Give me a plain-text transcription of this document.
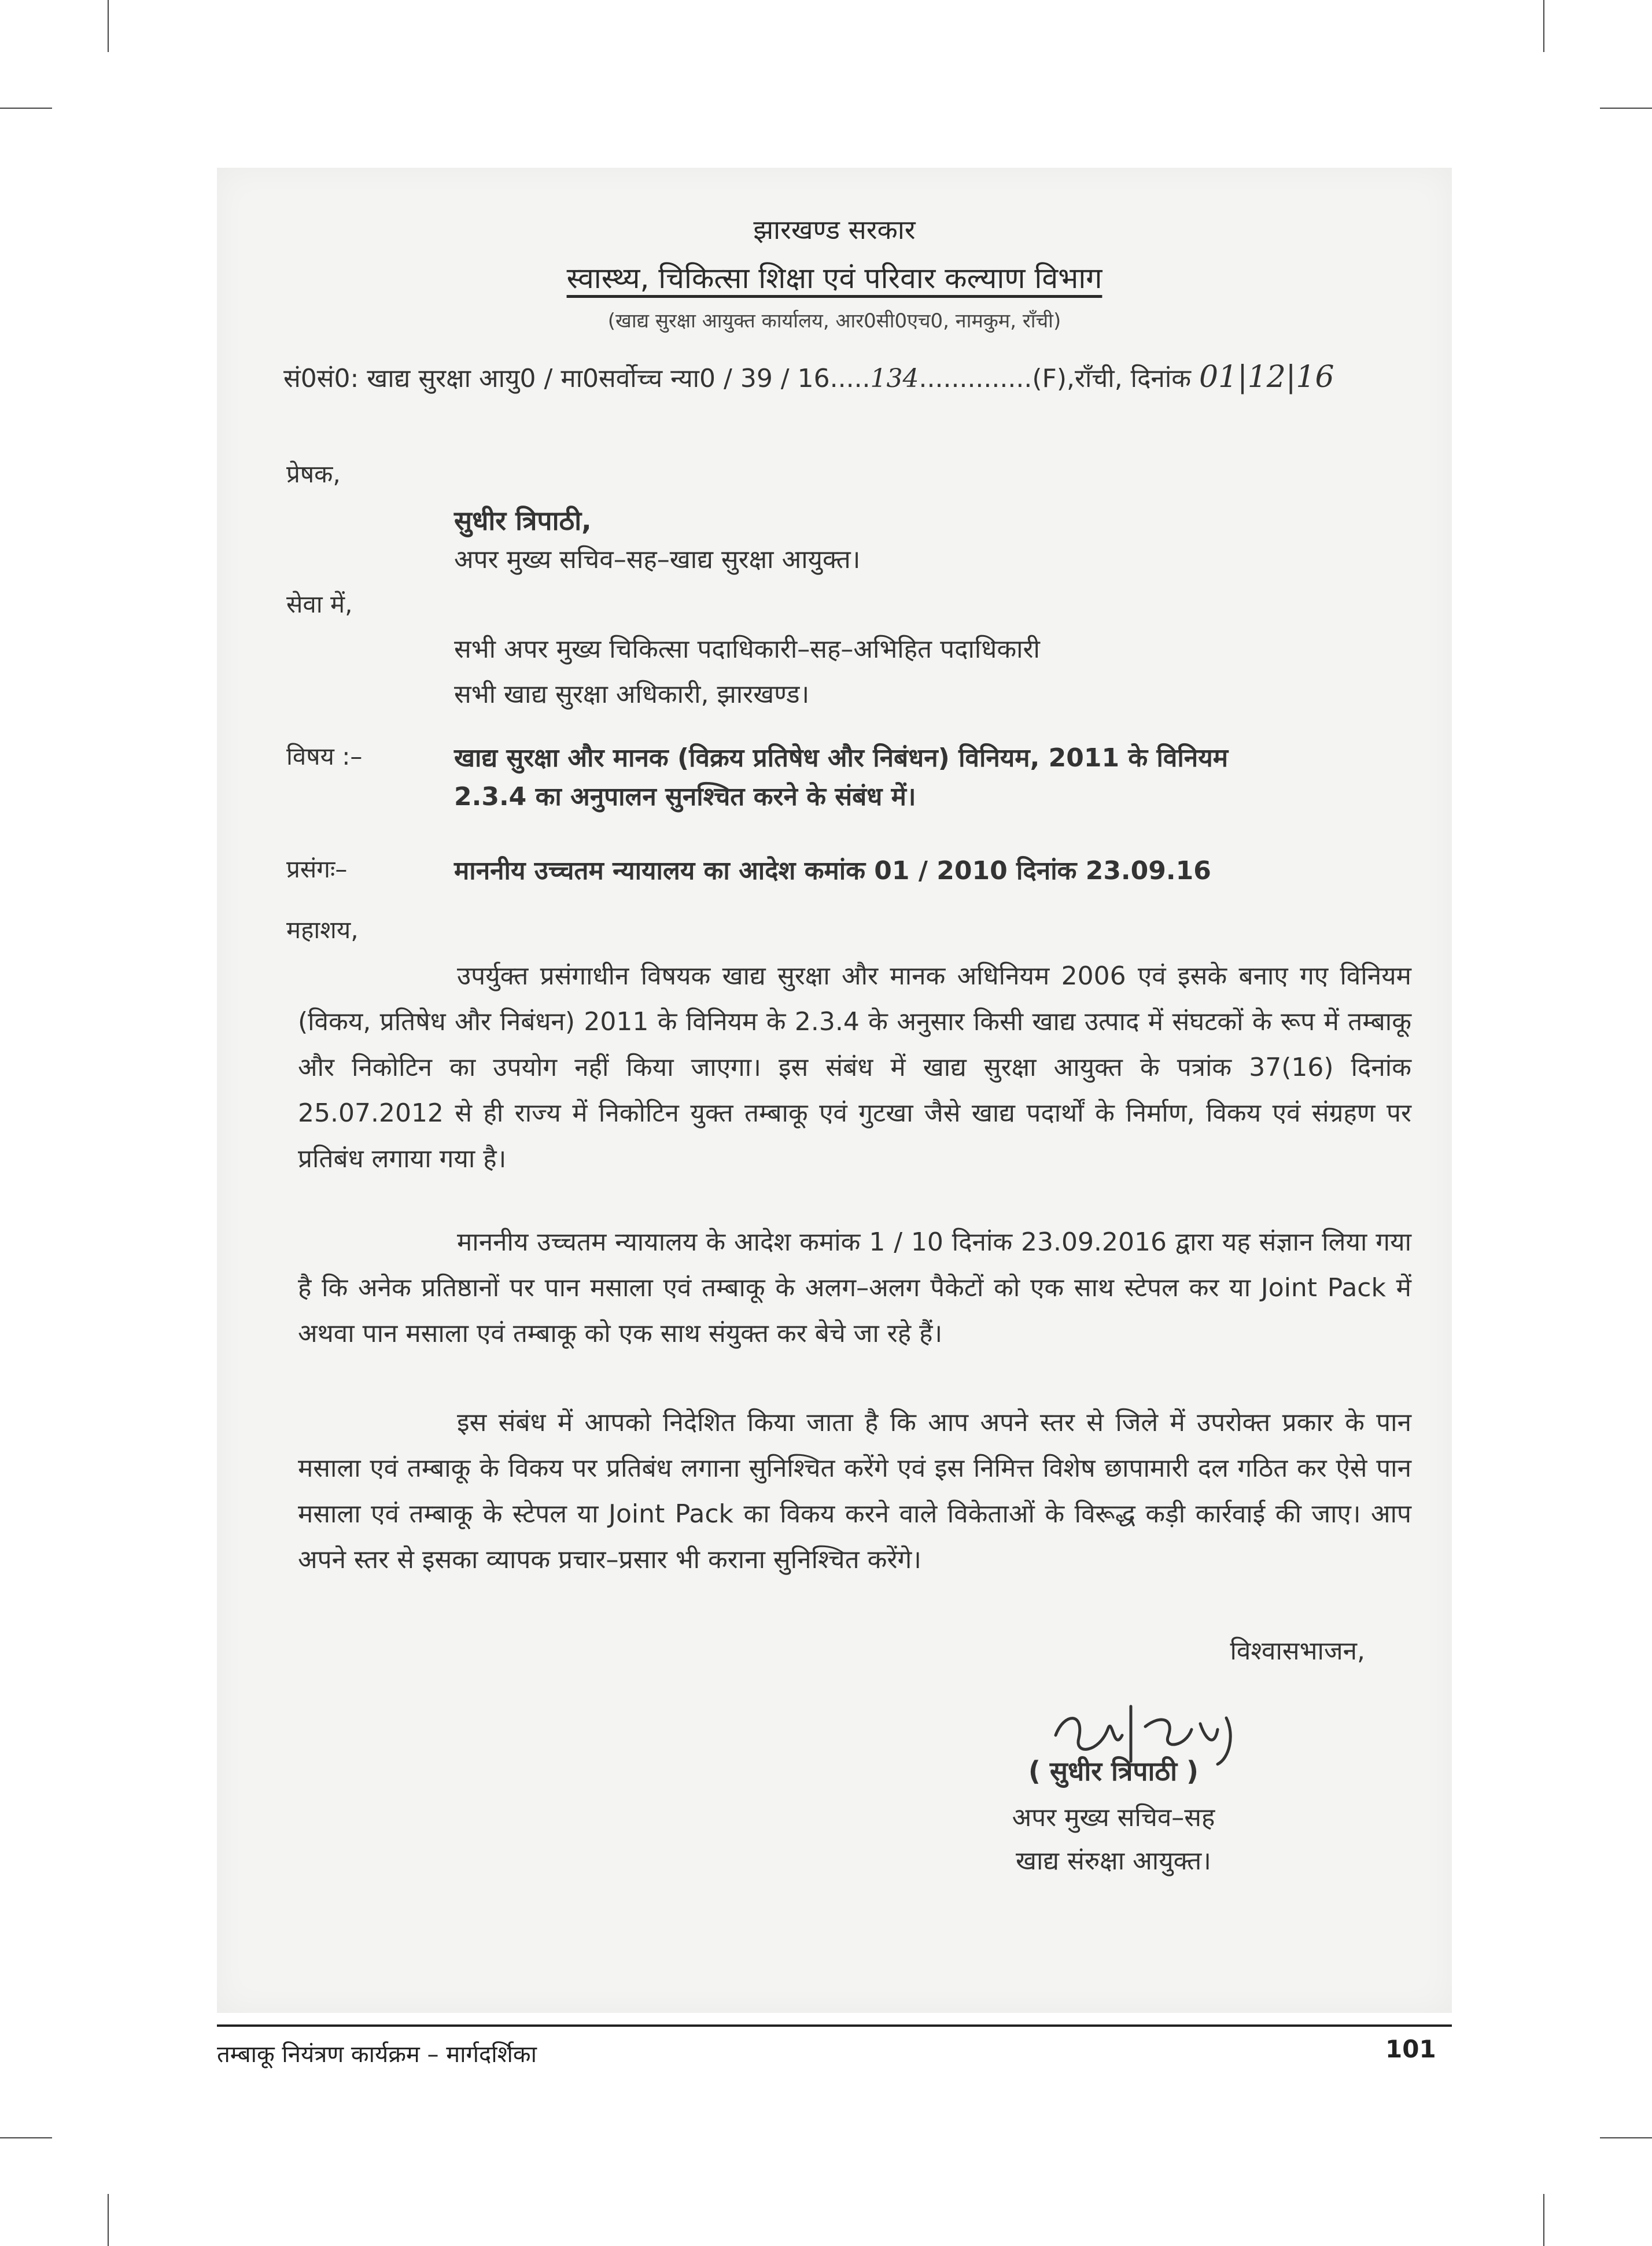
झारखण्ड सरकार
स्वास्थ्य, चिकित्सा शिक्षा एवं परिवार कल्याण विभाग
(खाद्य सुरक्षा आयुक्त कार्यालय, आर0सी0एच0, नामकुम, राँची)
सं0सं0: खाद्य सुरक्षा आयु0 / मा0सर्वोच्च न्या0 / 39 / 16.....134..............(F),राँची, दिनांक 01|12|16
प्रेषक,
सुधीर त्रिपाठी,
अपर मुख्य सचिव–सह–खाद्य सुरक्षा आयुक्त।
सेवा में,
सभी अपर मुख्य चिकित्सा पदाधिकारी–सह–अभिहित पदाधिकारी
सभी खाद्य सुरक्षा अधिकारी, झारखण्ड।
विषय :–	खाद्य सुरक्षा और मानक (विक्रय प्रतिषेध और निबंधन) विनियम, 2011 के विनियम
2.3.4 का अनुपालन सुनश्चित करने के संबंध में।
प्रसंगः–	माननीय उच्चतम न्यायालय का आदेश कमांक 01 / 2010 दिनांक 23.09.16
महाशय,
उपर्युक्त प्रसंगाधीन विषयक खाद्य सुरक्षा और मानक अधिनियम 2006 एवं इसके बनाए गए विनियम (विकय, प्रतिषेध और निबंधन) 2011 के विनियम के 2.3.4 के अनुसार किसी खाद्य उत्पाद में संघटकों के रूप में तम्बाकू और निकोटिन का उपयोग नहीं किया जाएगा। इस संबंध में खाद्य सुरक्षा आयुक्त के पत्रांक 37(16) दिनांक 25.07.2012 से ही राज्य में निकोटिन युक्त तम्बाकू एवं गुटखा जैसे खाद्य पदार्थों के निर्माण, विकय एवं संग्रहण पर प्रतिबंध लगाया गया है।
माननीय उच्चतम न्यायालय के आदेश कमांक 1 / 10 दिनांक 23.09.2016 द्वारा यह संज्ञान लिया गया है कि अनेक प्रतिष्ठानों पर पान मसाला एवं तम्बाकू के अलग–अलग पैकेटों को एक साथ स्टेपल कर या Joint Pack में अथवा पान मसाला एवं तम्बाकू को एक साथ संयुक्त कर बेचे जा रहे हैं।
इस संबंध में आपको निदेशित किया जाता है कि आप अपने स्तर से जिले में उपरोक्त प्रकार के पान मसाला एवं तम्बाकू के विकय पर प्रतिबंध लगाना सुनिश्चित करेंगे एवं इस निमित्त विशेष छापामारी दल गठित कर ऐसे पान मसाला एवं तम्बाकू के स्टेपल या Joint Pack का विकय करने वाले विकेताओं के विरूद्ध कड़ी कार्रवाई की जाए। आप अपने स्तर से इसका व्यापक प्रचार–प्रसार भी कराना सुनिश्चित करेंगे।
विश्वासभाजन,
( सुधीर त्रिपाठी )
अपर मुख्य सचिव–सह
खाद्य संरुक्षा आयुक्त।
तम्बाकू नियंत्रण कार्यक्रम – मार्गदर्शिका	101
